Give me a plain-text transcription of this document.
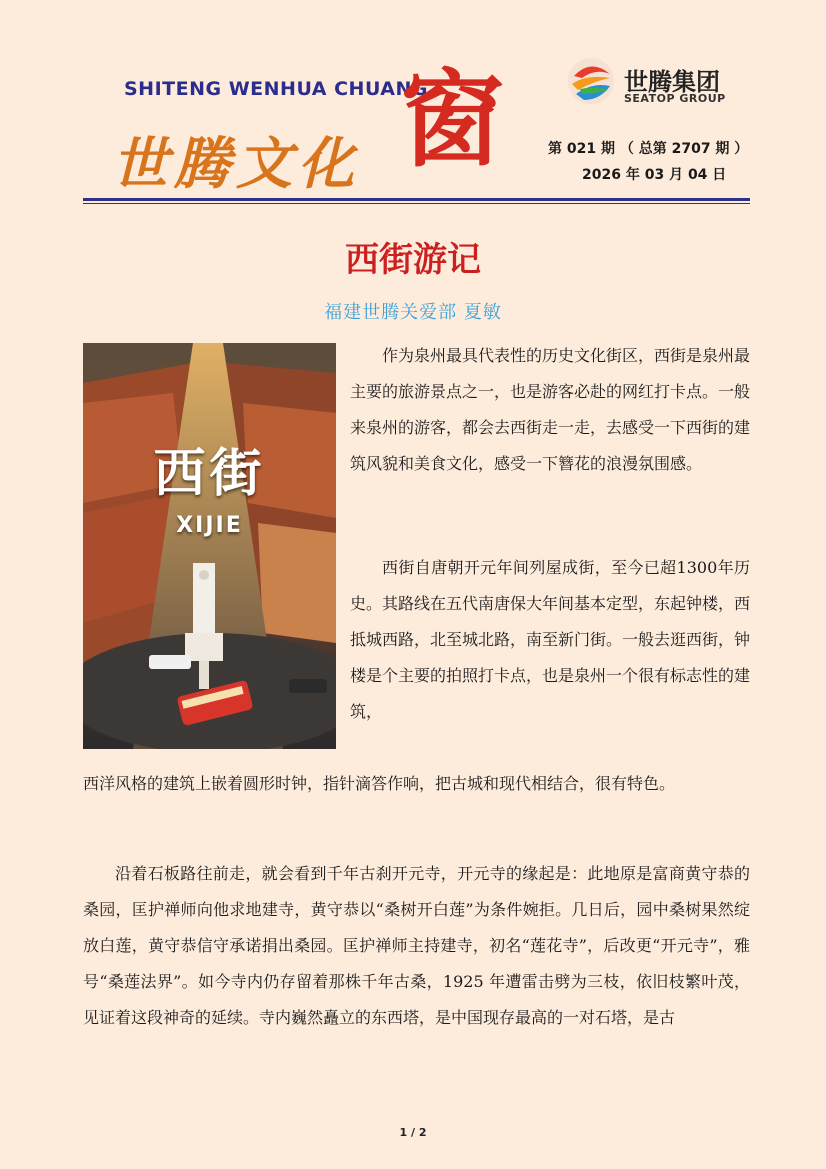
SHITENG WENHUA CHUANG
世腾文化 窗	世腾集团
SEATOP GROUP
第 021 期 （ 总第 2707 期 ）
2026 年 03 月 04 日
西街游记
福建世腾关爱部 夏敏
西街
XIJIE

作为泉州最具代表性的历史文化街区，西街是泉州最主要的旅游景点之一，也是游客必赴的网红打卡点。一般来泉州的游客，都会去西街走一走，去感受一下西街的建筑风貌和美食文化，感受一下簪花的浪漫氛围感。

西街自唐朝开元年间列屋成街，至今已超1300年历史。其路线在五代南唐保大年间基本定型，东起钟楼，西抵城西路，北至城北路，南至新门街。一般去逛西街，钟楼是个主要的拍照打卡点，也是泉州一个很有标志性的建筑，

西洋风格的建筑上嵌着圆形时钟，指针滴答作响，把古城和现代相结合，很有特色。

沿着石板路往前走，就会看到千年古刹开元寺，开元寺的缘起是：此地原是富商黄守恭的桑园，匡护禅师向他求地建寺，黄守恭以“桑树开白莲”为条件婉拒。几日后，园中桑树果然绽放白莲，黄守恭信守承诺捐出桑园。匡护禅师主持建寺，初名“莲花寺”，后改更“开元寺”，雅号“桑莲法界”。如今寺内仍存留着那株千年古桑，1925 年遭雷击劈为三枝，依旧枝繁叶茂，见证着这段神奇的延续。寺内巍然矗立的东西塔，是中国现存最高的一对石塔，是古

1 / 2
